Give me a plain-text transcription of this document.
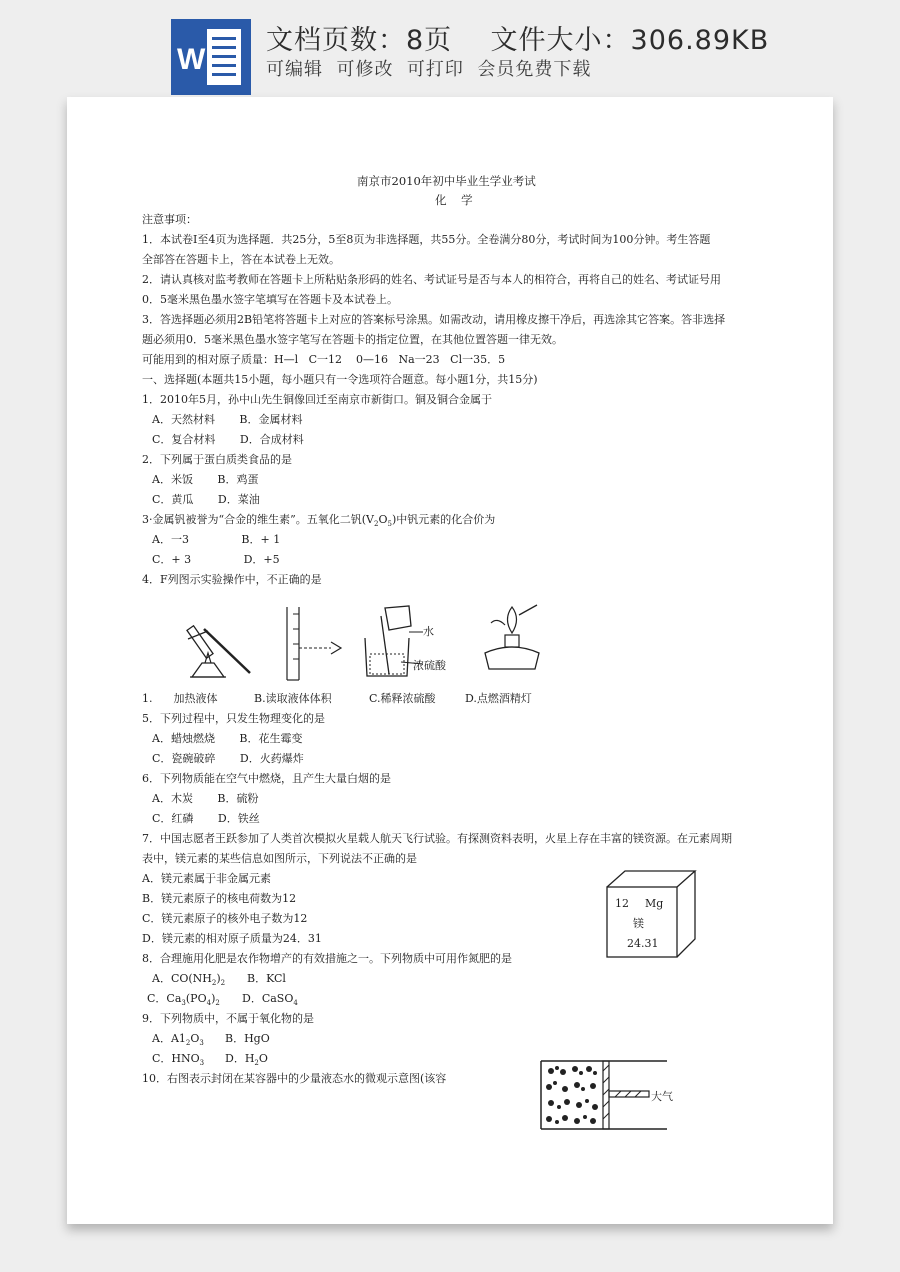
W
文档页数：8页 文件大小：306.89KB
可编辑  可修改  可打印  会员免费下载
南京市2010年初中毕业生学业考试
化    学
注意事项：
1．本试卷Ⅰ至4页为选择题．共25分，5至8页为非选择题，共55分。全卷满分80分，考试时间为100分钟。考生答题
全部答在答题卡上，答在本试卷上无效。
2．请认真核对监考教师在答题卡上所粘贴条形码的姓名、考试证号是否与本人的相符合，再将自己的姓名、考试证号用
0．5毫米黑色墨水签字笔填写在答题卡及本试卷上。
3．答选择题必须用2B铅笔将答题卡上对应的答案标号涂黑。如需改动，请用橡皮擦干净后，再选涂其它答案。答非选择
题必须用0．5毫米黑色墨水签字笔写在答题卡的指定位置，在其他位置答题一律无效。
可能用到的相对原子质量：H—l   C一12    0—16   Na一23   Cl一35．5
一、选择题(本题共15小题，每小题只有一令选项符合题意。每小题1分，共15分)
1．2010年5月，孙中山先生铜像回迁至南京市新街口。铜及铜合金属于
A．天然材料       B．金属材料
C．复合材料       D．合成材料
2．下列属于蛋白质类食品的是
A．米饭       B．鸡蛋
C．黄瓜       D．菜油
3·金属钒被誉为“合金的维生素”。五氧化二钒$(V_2O_5)$中钒元素的化合价为
A．一3               B．+ 1
C．+ 3               D．+5
4．F列图示实验操作中，不正确的是
水
浓硫酸
1.      加热液体	B.读取液体体积	C.稀释浓硫酸	D.点燃酒精灯
5．下列过程中，只发生物理变化的是
A．蜡烛燃烧       B．花生霉变
C．瓷碗破碎       D．火药爆炸
6．下列物质能在空气中燃烧，且产生大量白烟的是
A．木炭       B．硫粉
C．红磷       D．铁丝
7．中国志愿者王跃参加了人类首次模拟火星载人航天飞行试验。有探测资料表明，火星上存在丰富的镁资源。在元素周期
表中，镁元素的某些信息如图所示，下列说法不正确的是
A．镁元素属于非金属元素
B．镁元素原子的核电荷数为12
C．镁元素原子的核外电子数为12
D．镁元素的相对原子质量为24．31
12 Mg
镁
24.31
8．合理施用化肥是农作物增产的有效措施之一。下列物质中可用作氮肥的是
A．$CO(NH_2)_2$ B．KCl
C．$Ca_3(PO_4)_2$ D．CaSO$_4$
9．下列物质中，不属于氧化物的是
A．$A1_2O_3$ B．HgO
C．$HNO_3$ D．$H_2O$
10．右图表示封闭在某容器中的少量液态水的微观示意图(该容
大气
